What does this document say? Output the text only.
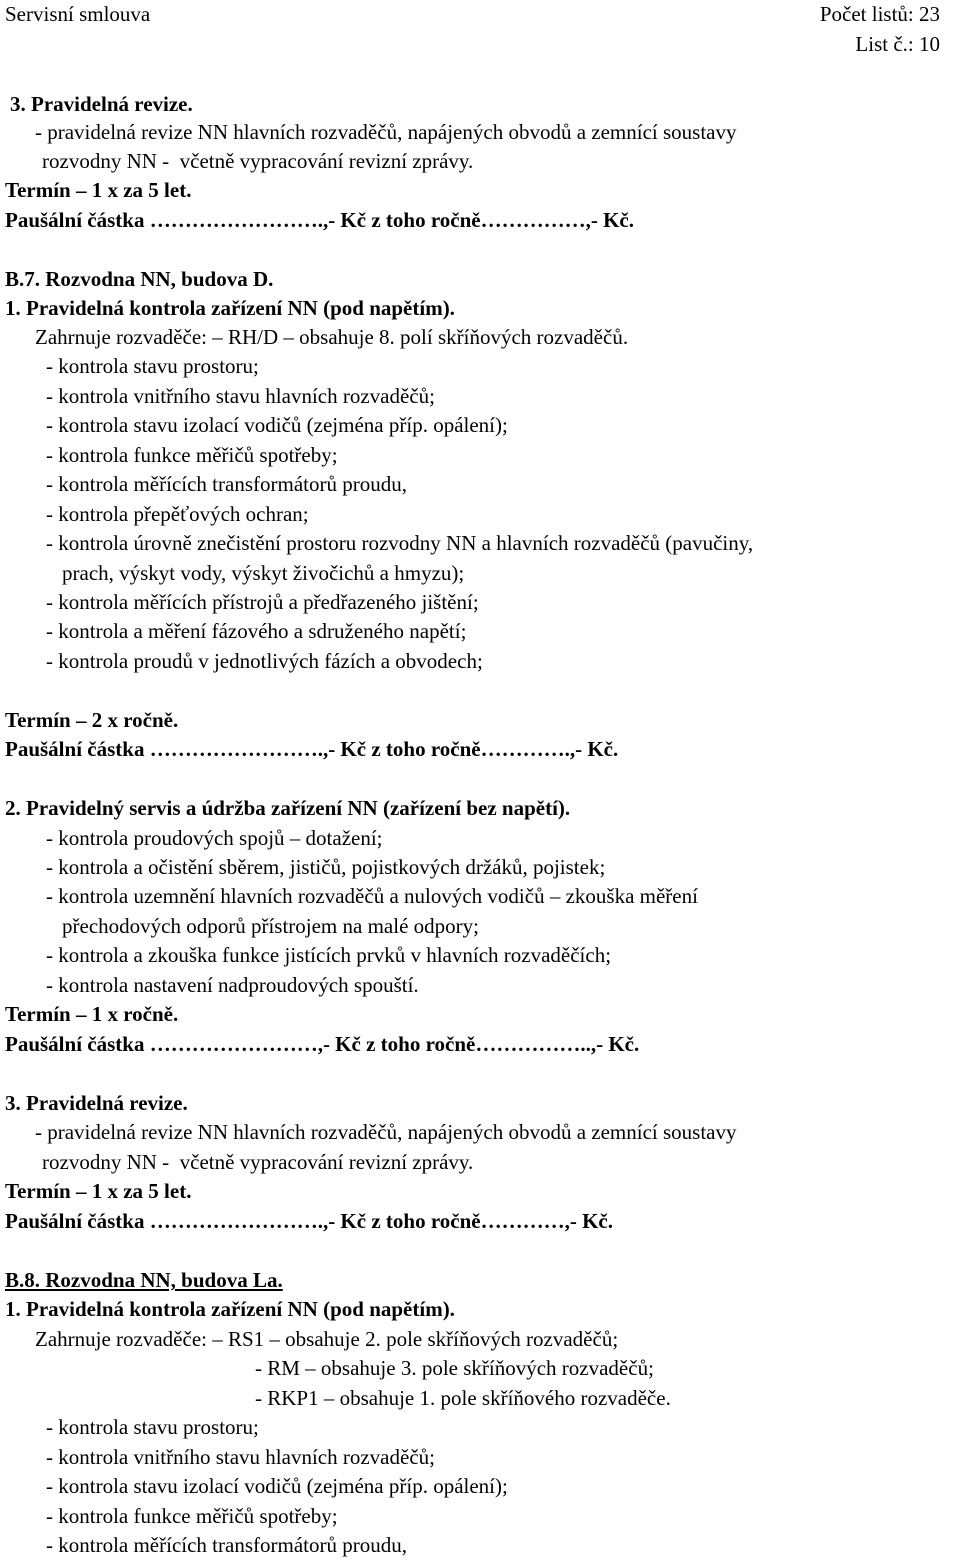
Servisní smlouva	Počet listů: 23
List č.: 10
3. Pravidelná revize.
- pravidelná revize NN hlavních rozvaděčů, napájených obvodů a zemnící soustavy
rozvodny NN -  včetně vypracování revizní zprávy.
Termín – 1 x za 5 let.
Paušální částka …………………….,- Kč z toho ročně……………,- Kč.
B.7. Rozvodna NN, budova D.
1. Pravidelná kontrola zařízení NN (pod napětím).
Zahrnuje rozvaděče: – RH/D – obsahuje 8. polí skříňových rozvaděčů.
- kontrola stavu prostoru;
- kontrola vnitřního stavu hlavních rozvaděčů;
- kontrola stavu izolací vodičů (zejména příp. opálení);
- kontrola funkce měřičů spotřeby;
- kontrola měřících transformátorů proudu,
- kontrola přepěťových ochran;
- kontrola úrovně znečistění prostoru rozvodny NN a hlavních rozvaděčů (pavučiny,
prach, výskyt vody, výskyt živočichů a hmyzu);
- kontrola měřících přístrojů a předřazeného jištění;
- kontrola a měření fázového a sdruženého napětí;
- kontrola proudů v jednotlivých fázích a obvodech;
Termín – 2 x ročně.
Paušální částka …………………….,- Kč z toho ročně………….,- Kč.
2. Pravidelný servis a údržba zařízení NN (zařízení bez napětí).
- kontrola proudových spojů – dotažení;
- kontrola a očistění sběrem, jističů, pojistkových držáků, pojistek;
- kontrola uzemnění hlavních rozvaděčů a nulových vodičů – zkouška měření
přechodových odporů přístrojem na malé odpory;
- kontrola a zkouška funkce jistících prvků v hlavních rozvaděčích;
- kontrola nastavení nadproudových spouští.
Termín – 1 x ročně.
Paušální částka ……………………,- Kč z toho ročně……………..,- Kč.
3. Pravidelná revize.
- pravidelná revize NN hlavních rozvaděčů, napájených obvodů a zemnící soustavy
rozvodny NN -  včetně vypracování revizní zprávy.
Termín – 1 x za 5 let.
Paušální částka …………………….,- Kč z toho ročně…………,- Kč.
B.8. Rozvodna NN, budova La.
1. Pravidelná kontrola zařízení NN (pod napětím).
Zahrnuje rozvaděče: – RS1 – obsahuje 2. pole skříňových rozvaděčů;
- RM – obsahuje 3. pole skříňových rozvaděčů;
- RKP1 – obsahuje 1. pole skříňového rozvaděče.
- kontrola stavu prostoru;
- kontrola vnitřního stavu hlavních rozvaděčů;
- kontrola stavu izolací vodičů (zejména příp. opálení);
- kontrola funkce měřičů spotřeby;
- kontrola měřících transformátorů proudu,
